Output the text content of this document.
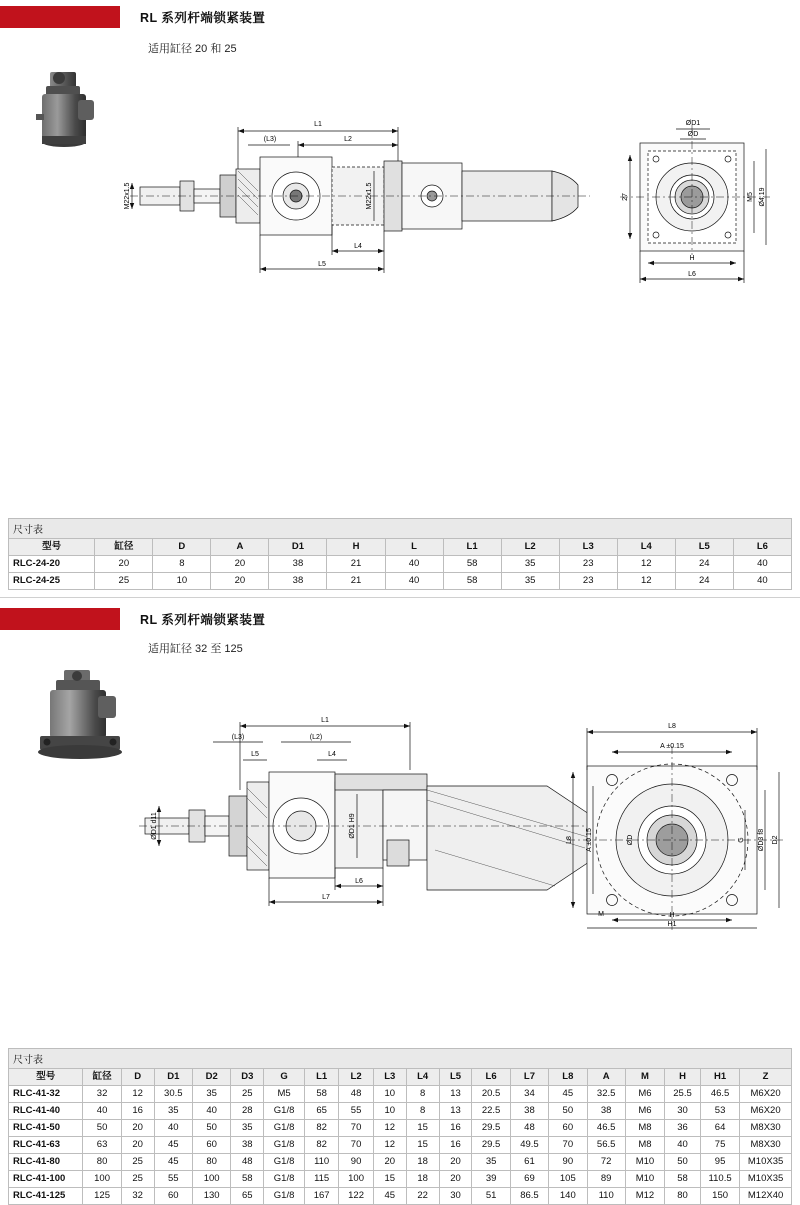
RL 系列杆端锁紧装置
适用缸径 20 和 25
L1
(L3)	L2
L4
L5
ØD1
ØD
H
L6
M22x1.5	M22x1.5	27	M5 Ø4.19
尺寸表
型号	缸径	D	A	D1	H	L	L1	L2	L3	L4	L5	L6
RLC-24-20	20	8	20	38	21	40	58	35	23	12	24	40
RLC-24-25	25	10	20	38	21	40	58	35	23	12	24	40
RL 系列杆端锁紧装置
适用缸径 32 至 125
L1
(L3)	(L2)
L5	L4
L6
L7
L8
A ±0.15
H
H1
M
ØD1 d11	ØD1 H9
L8 A ±0.15	ØD	G ØD3 f8 D2
尺寸表
型号	缸径	D	D1	D2	D3	G	L1	L2	L3	L4	L5	L6	L7	L8	A	M	H	H1	Z
RLC-41-32	32	12	30.5	35	25	M5	58	48	10	8	13	20.5	34	45	32.5	M6	25.5	46.5	M6X20
RLC-41-40	40	16	35	40	28	G1/8	65	55	10	8	13	22.5	38	50	38	M6	30	53	M6X20
RLC-41-50	50	20	40	50	35	G1/8	82	70	12	15	16	29.5	48	60	46.5	M8	36	64	M8X30
RLC-41-63	63	20	45	60	38	G1/8	82	70	12	15	16	29.5	49.5	70	56.5	M8	40	75	M8X30
RLC-41-80	80	25	45	80	48	G1/8	110	90	20	18	20	35	61	90	72	M10	50	95	M10X35
RLC-41-100	100	25	55	100	58	G1/8	115	100	15	18	20	39	69	105	89	M10	58	110.5	M10X35
RLC-41-125	125	32	60	130	65	G1/8	167	122	45	22	30	51	86.5	140	110	M12	80	150	M12X40
